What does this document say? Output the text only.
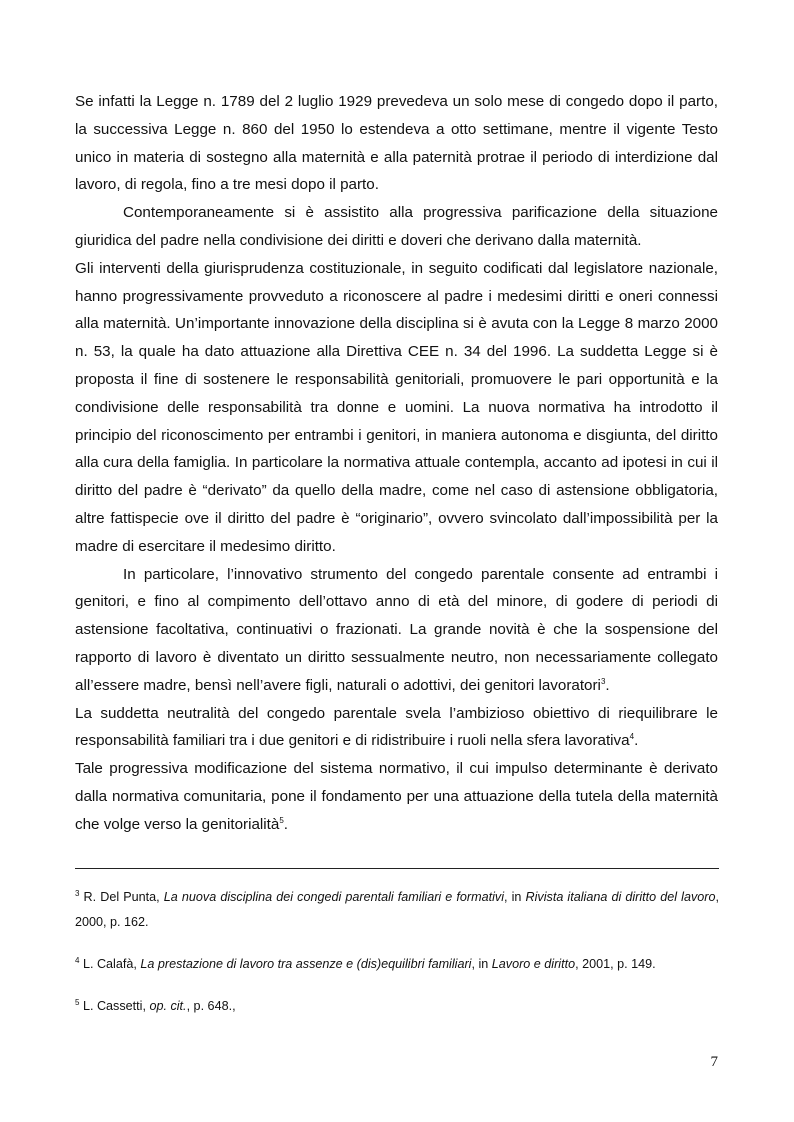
Se infatti la Legge n. 1789 del 2 luglio 1929 prevedeva un solo mese di congedo dopo il parto, la successiva Legge n. 860 del 1950 lo estendeva a otto settimane, mentre il vigente Testo unico in materia di sostegno alla maternità e alla paternità protrae il periodo di interdizione dal lavoro, di regola, fino a tre mesi dopo il parto.

Contemporaneamente si è assistito alla progressiva parificazione della situazione giuridica del padre nella condivisione dei diritti e doveri che derivano dalla maternità.

Gli interventi della giurisprudenza costituzionale, in seguito codificati dal legislatore nazionale, hanno progressivamente provveduto a riconoscere al padre i medesimi diritti e oneri connessi alla maternità. Un’importante innovazione della disciplina si è avuta con la Legge 8 marzo 2000 n. 53, la quale ha dato attuazione alla Direttiva CEE n. 34 del 1996. La suddetta Legge si è proposta il fine di sostenere le responsabilità genitoriali, promuovere le pari opportunità e la condivisione delle responsabilità tra donne e uomini. La nuova normativa ha introdotto il principio del riconoscimento per entrambi i genitori, in maniera autonoma e disgiunta, del diritto alla cura della famiglia. In particolare la normativa attuale contempla, accanto ad ipotesi in cui il diritto del padre è “derivato” da quello della madre, come nel caso di astensione obbligatoria, altre fattispecie ove il diritto del padre è “originario”, ovvero svincolato dall’impossibilità per la madre di esercitare il medesimo diritto.

In particolare, l’innovativo strumento del congedo parentale consente ad entrambi i genitori, e fino al compimento dell’ottavo anno di età del minore, di godere di periodi di astensione facoltativa, continuativi o frazionati. La grande novità è che la sospensione del rapporto di lavoro è diventato un diritto sessualmente neutro, non necessariamente collegato all’essere madre, bensì nell’avere figli, naturali o adottivi, dei genitori lavoratori$^3$.

La suddetta neutralità del congedo parentale svela l’ambizioso obiettivo di riequilibrare le responsabilità familiari tra i due genitori e di ridistribuire i ruoli nella sfera lavorativa$^4$.

Tale progressiva modificazione del sistema normativo, il cui impulso determinante è derivato dalla normativa comunitaria, pone il fondamento per una attuazione della tutela della maternità che volge verso la genitorialità$^5$.

$^3$ R. Del Punta, La nuova disciplina dei congedi parentali familiari e formativi, in Rivista italiana di diritto del lavoro, 2000, p. 162.

$^4$ L. Calafà, La prestazione di lavoro tra assenze e (dis)equilibri familiari, in Lavoro e diritto, 2001, p. 149.

$^5$ L. Cassetti, op. cit., p. 648.,

7
